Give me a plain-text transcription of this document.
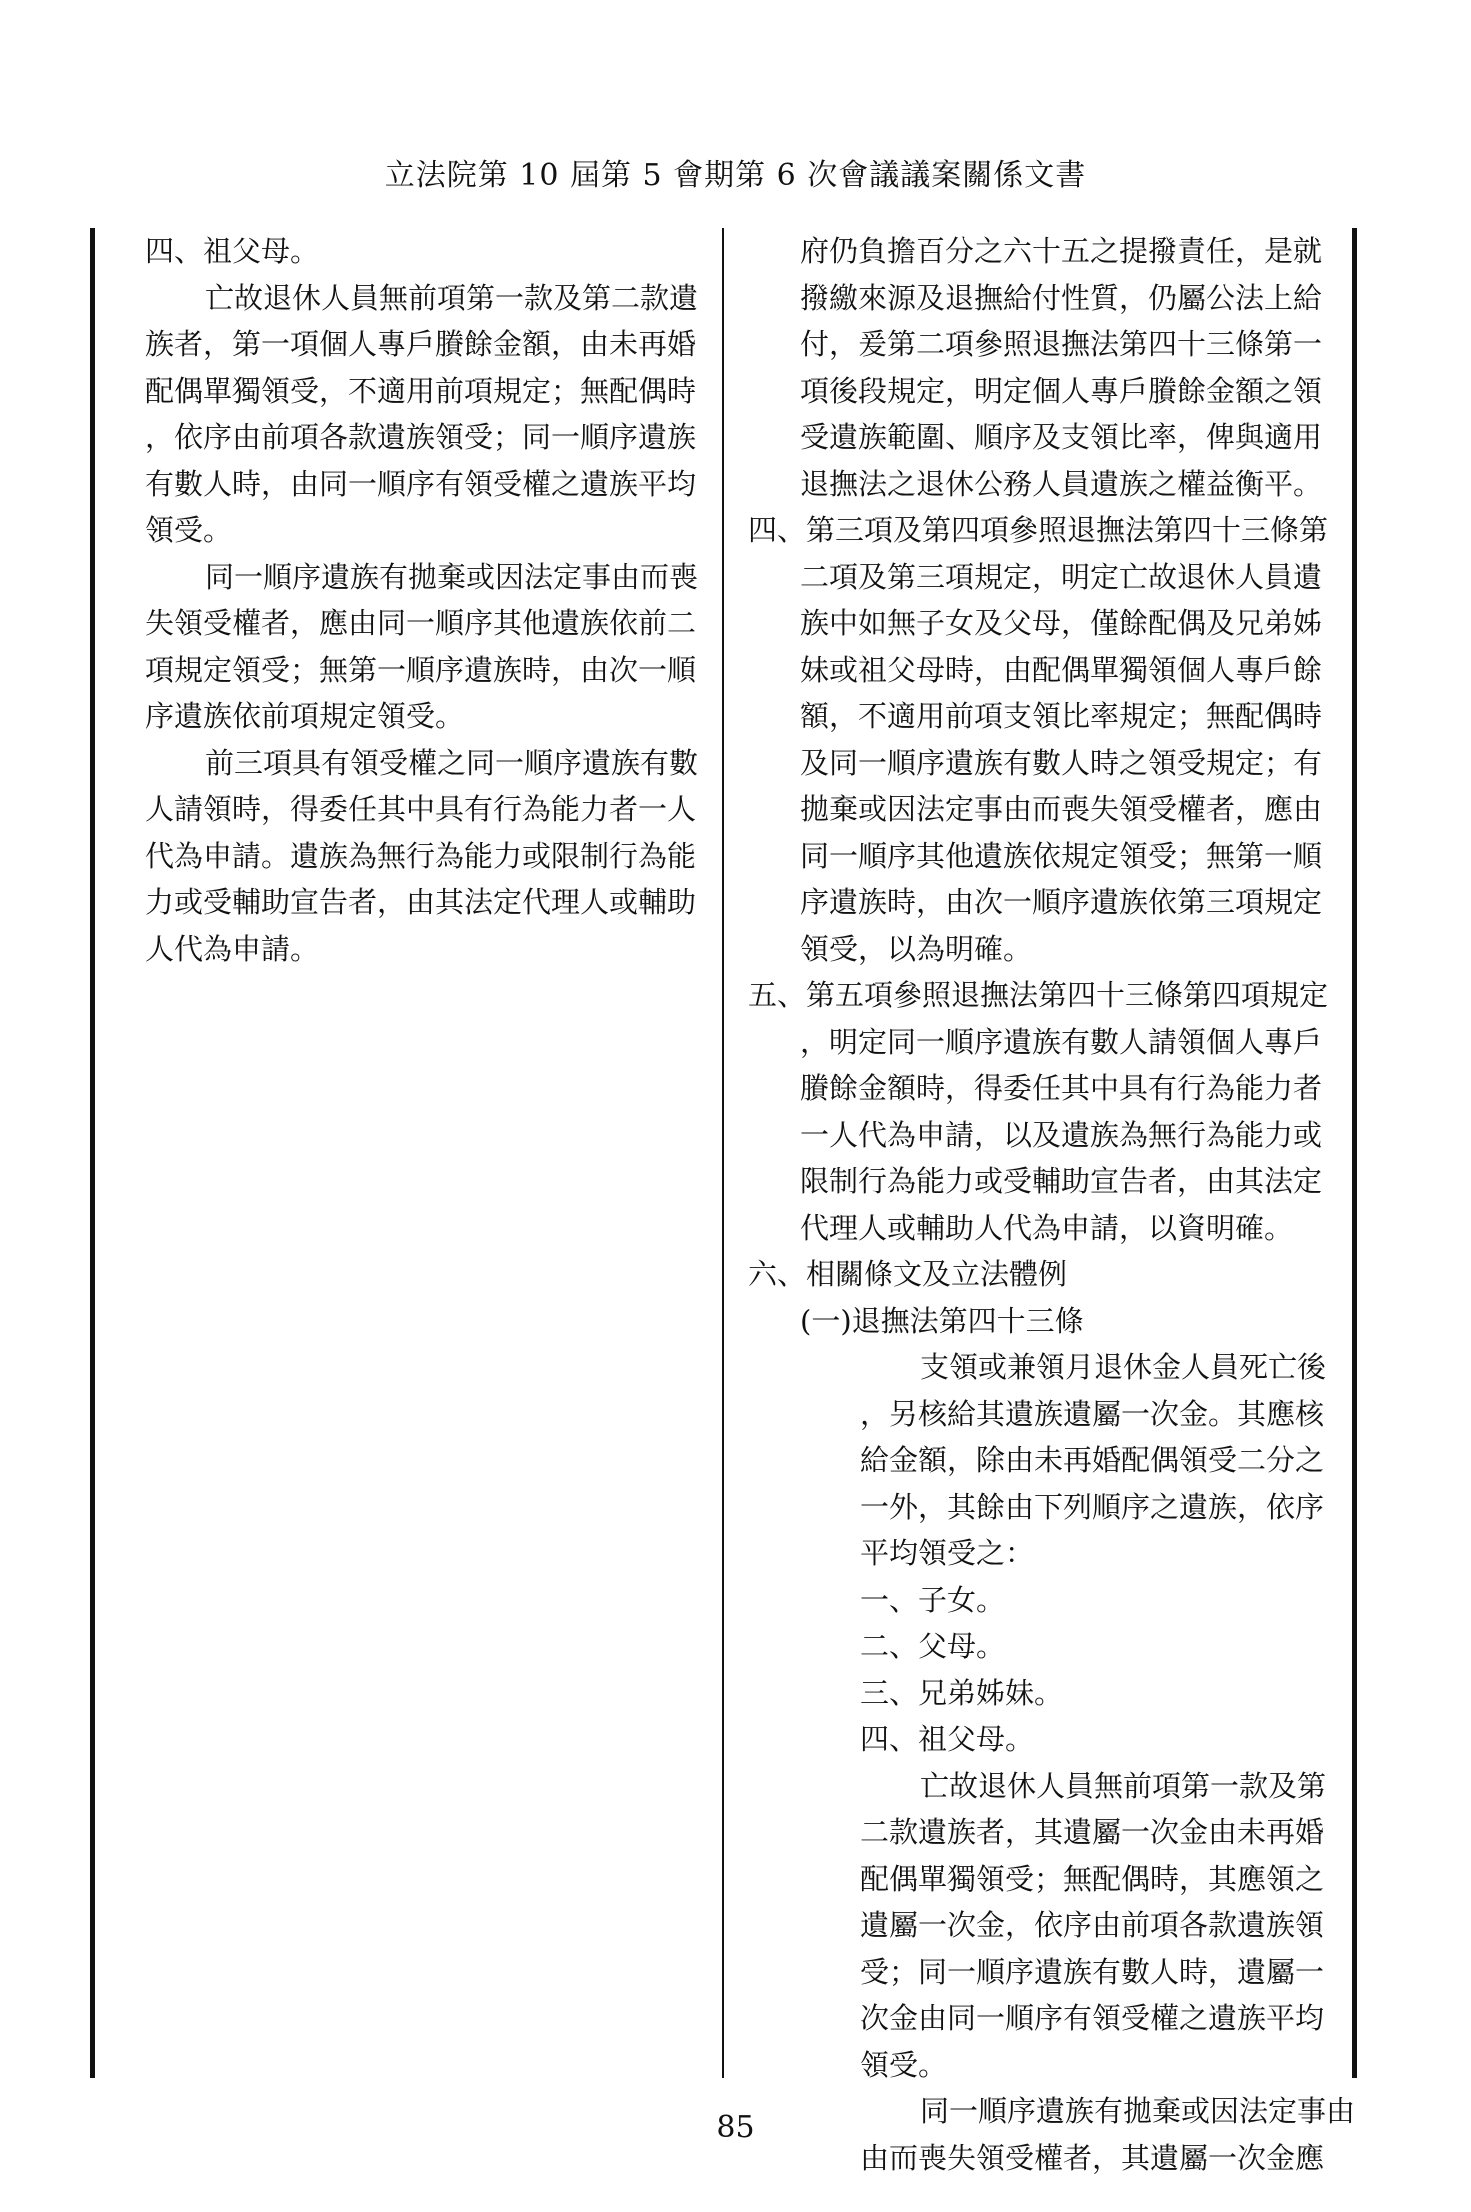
立法院第 10 屆第 5 會期第 6 次會議議案關係文書
四、祖父母。
亡故退休人員無前項第一款及第二款遺
族者，第一項個人專戶賸餘金額，由未再婚
配偶單獨領受，不適用前項規定；無配偶時
，依序由前項各款遺族領受；同一順序遺族
有數人時，由同一順序有領受權之遺族平均
領受。
同一順序遺族有拋棄或因法定事由而喪
失領受權者，應由同一順序其他遺族依前二
項規定領受；無第一順序遺族時，由次一順
序遺族依前項規定領受。
前三項具有領受權之同一順序遺族有數
人請領時，得委任其中具有行為能力者一人
代為申請。遺族為無行為能力或限制行為能
力或受輔助宣告者，由其法定代理人或輔助
人代為申請。
府仍負擔百分之六十五之提撥責任，是就
撥繳來源及退撫給付性質，仍屬公法上給
付，爰第二項參照退撫法第四十三條第一
項後段規定，明定個人專戶賸餘金額之領
受遺族範圍、順序及支領比率，俾與適用
退撫法之退休公務人員遺族之權益衡平。
四、第三項及第四項參照退撫法第四十三條第
二項及第三項規定，明定亡故退休人員遺
族中如無子女及父母，僅餘配偶及兄弟姊
妹或祖父母時，由配偶單獨領個人專戶餘
額，不適用前項支領比率規定；無配偶時
及同一順序遺族有數人時之領受規定；有
拋棄或因法定事由而喪失領受權者，應由
同一順序其他遺族依規定領受；無第一順
序遺族時，由次一順序遺族依第三項規定
領受，以為明確。
五、第五項參照退撫法第四十三條第四項規定
，明定同一順序遺族有數人請領個人專戶
賸餘金額時，得委任其中具有行為能力者
一人代為申請，以及遺族為無行為能力或
限制行為能力或受輔助宣告者，由其法定
代理人或輔助人代為申請，以資明確。
六、相關條文及立法體例
(一)退撫法第四十三條
支領或兼領月退休金人員死亡後
，另核給其遺族遺屬一次金。其應核
給金額，除由未再婚配偶領受二分之
一外，其餘由下列順序之遺族，依序
平均領受之：
一、子女。
二、父母。
三、兄弟姊妹。
四、祖父母。
亡故退休人員無前項第一款及第
二款遺族者，其遺屬一次金由未再婚
配偶單獨領受；無配偶時，其應領之
遺屬一次金，依序由前項各款遺族領
受；同一順序遺族有數人時，遺屬一
次金由同一順序有領受權之遺族平均
領受。
同一順序遺族有拋棄或因法定事由
由而喪失領受權者，其遺屬一次金應
85
